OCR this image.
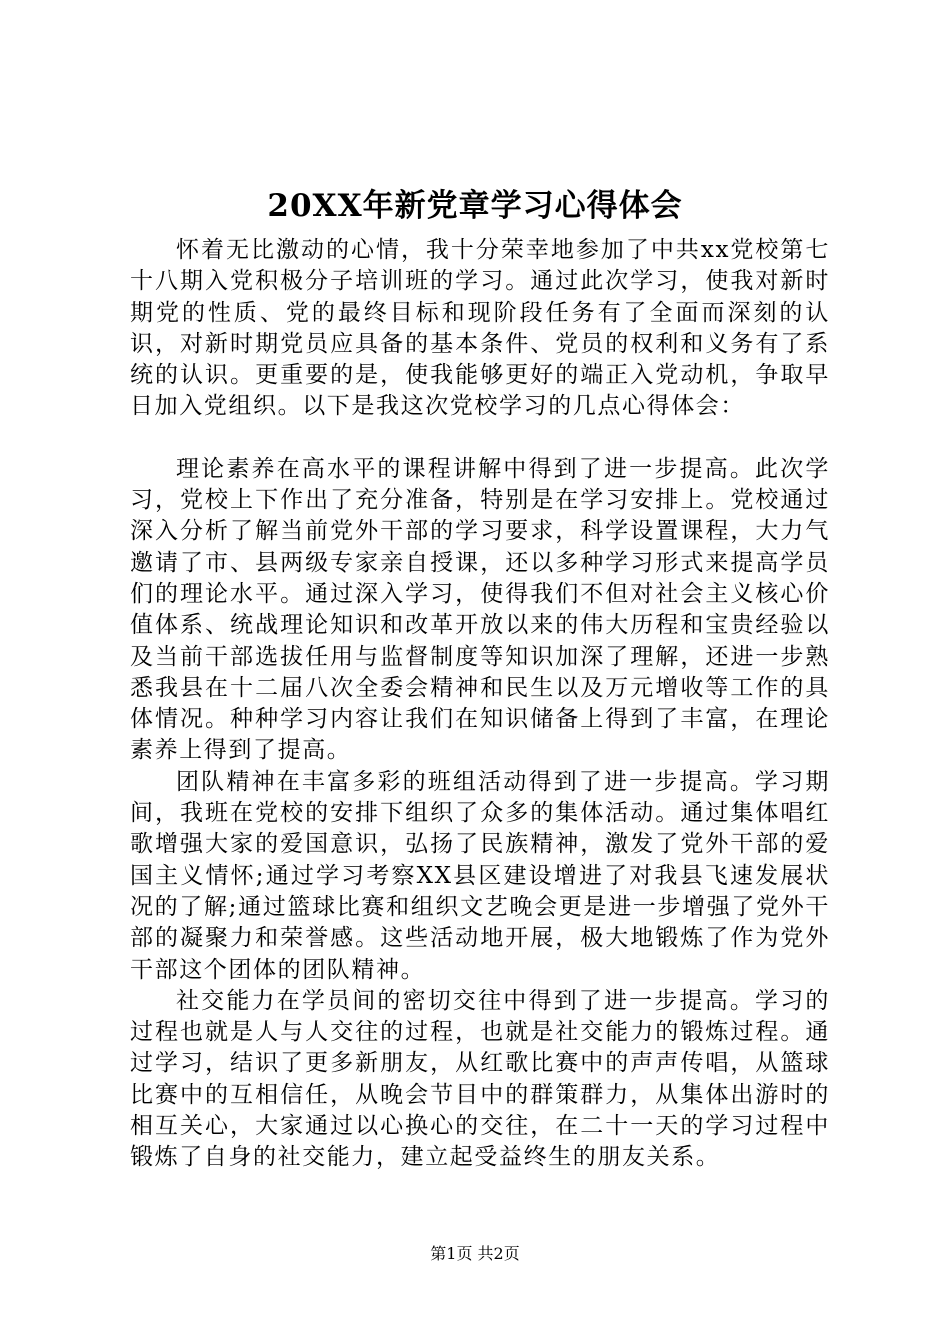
20XX年新党章学习心得体会

怀着无比激动的心情，我十分荣幸地参加了中共xx党校第七十八期入党积极分子培训班的学习。通过此次学习，使我对新时期党的性质、党的最终目标和现阶段任务有了全面而深刻的认识，对新时期党员应具备的基本条件、党员的权利和义务有了系统的认识。更重要的是，使我能够更好的端正入党动机，争取早日加入党组织。以下是我这次党校学习的几点心得体会：

理论素养在高水平的课程讲解中得到了进一步提高。此次学习，党校上下作出了充分准备，特别是在学习安排上。党校通过深入分析了解当前党外干部的学习要求，科学设置课程，大力气邀请了市、县两级专家亲自授课，还以多种学习形式来提高学员们的理论水平。通过深入学习，使得我们不但对社会主义核心价值体系、统战理论知识和改革开放以来的伟大历程和宝贵经验以及当前干部选拔任用与监督制度等知识加深了理解，还进一步熟悉我县在十二届八次全委会精神和民生以及万元增收等工作的具体情况。种种学习内容让我们在知识储备上得到了丰富，在理论素养上得到了提高。

团队精神在丰富多彩的班组活动得到了进一步提高。学习期间，我班在党校的安排下组织了众多的集体活动。通过集体唱红歌增强大家的爱国意识，弘扬了民族精神，激发了党外干部的爱国主义情怀;通过学习考察XX县区建设增进了对我县飞速发展状况的了解;通过篮球比赛和组织文艺晚会更是进一步增强了党外干部的凝聚力和荣誉感。这些活动地开展，极大地锻炼了作为党外干部这个团体的团队精神。

社交能力在学员间的密切交往中得到了进一步提高。学习的过程也就是人与人交往的过程，也就是社交能力的锻炼过程。通过学习，结识了更多新朋友，从红歌比赛中的声声传唱，从篮球比赛中的互相信任，从晚会节目中的群策群力，从集体出游时的相互关心，大家通过以心换心的交往，在二十一天的学习过程中锻炼了自身的社交能力，建立起受益终生的朋友关系。

第1页 共2页
